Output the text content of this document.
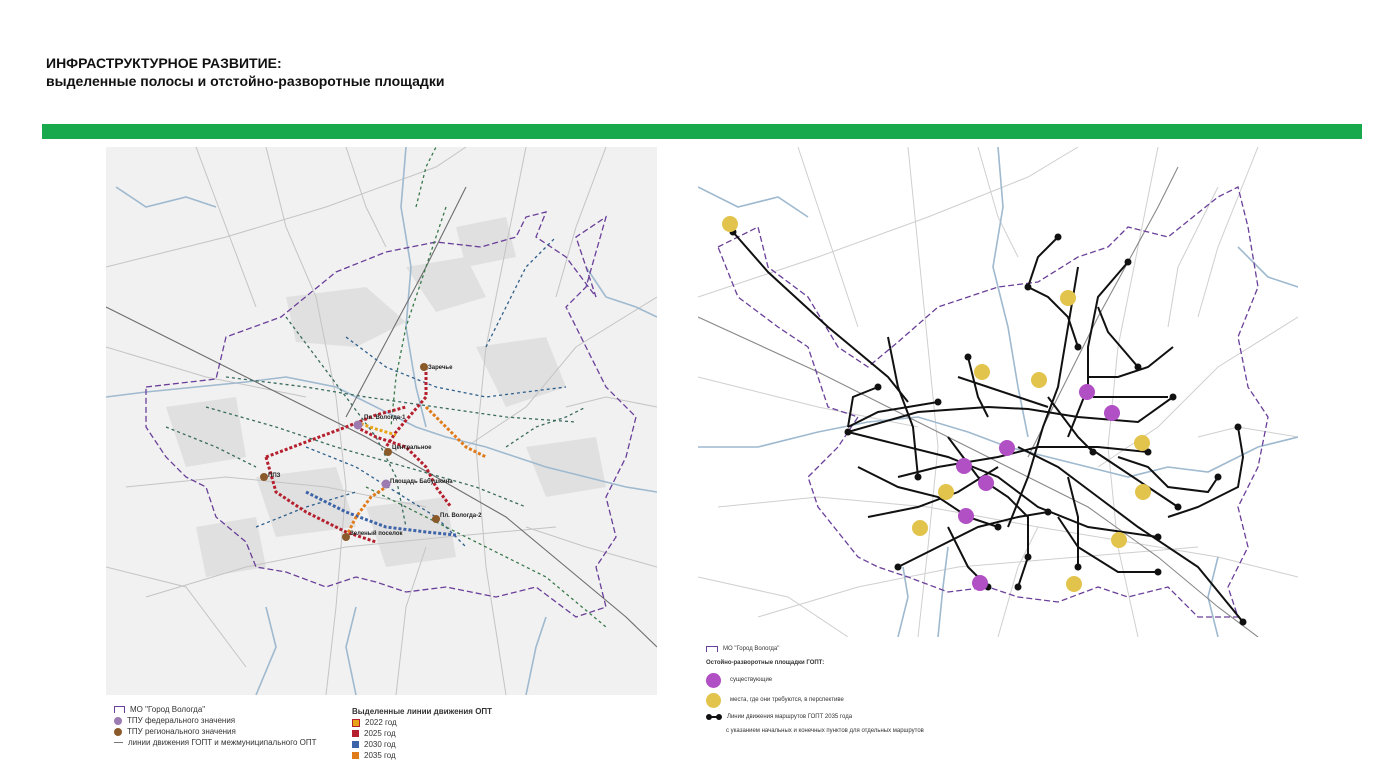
ИНФРАСТРУКТУРНОЕ РАЗВИТИЕ:
выделенные полосы и отстойно-разворотные площадки
Заречье
Пл. Вологда-1
Центральное
Площадь Бабушкина
Пл. Вологда-2
Зеленый поселок
ППЗ
МО "Город Вологда"
ТПУ федерального значения
ТПУ регионального значения
линии движения ГОПТ и межмуниципального ОПТ
Выделенные линии движения ОПТ
2022 год
2025 год
2030 год
2035 год
МО "Город Вологда"
Остойно-разворотные площадки ГОПТ:
существующие
места, где они требуются, в перспективе
Линии движения маршрутов ГОПТ 2035 года
с указанием начальных и конечных пунктов для отдельных маршрутов
